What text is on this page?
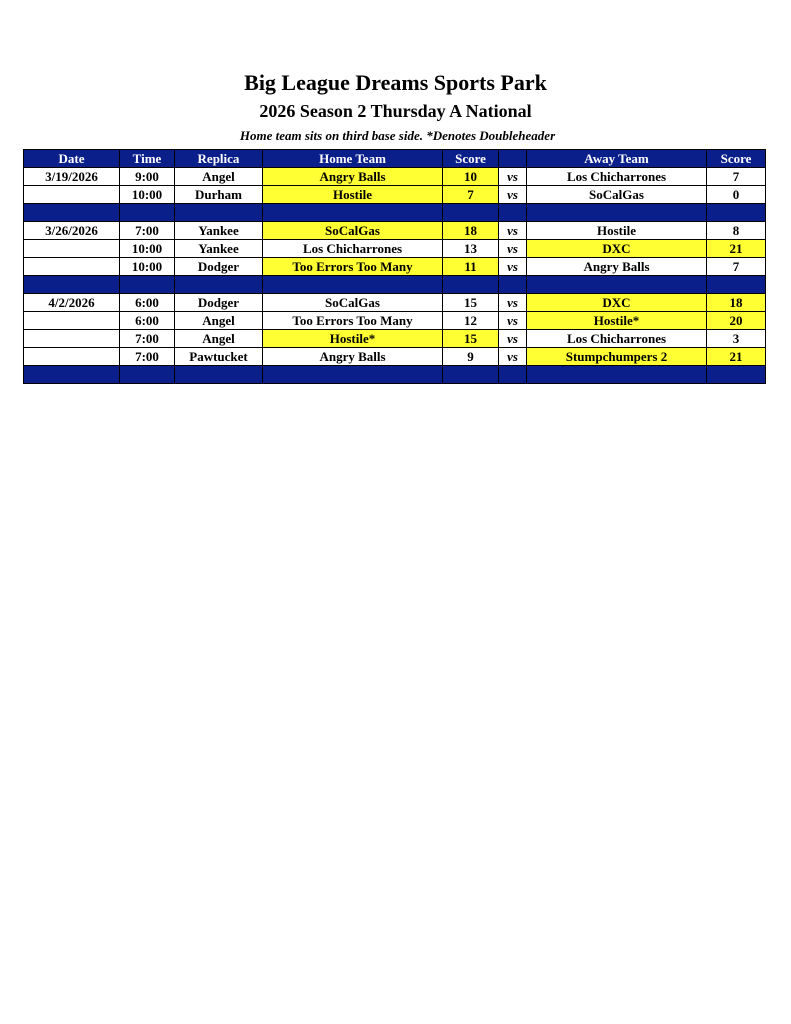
Big League Dreams Sports Park
2026 Season 2 Thursday A National
Home team sits on third base side. *Denotes Doubleheader
Date	Time	Replica	Home Team	Score		Away Team	Score
3/19/2026	9:00	Angel	Angry Balls	10	vs	Los Chicharrones	7
	10:00	Durham	Hostile	7	vs	SoCalGas	0

3/26/2026	7:00	Yankee	SoCalGas	18	vs	Hostile	8
	10:00	Yankee	Los Chicharrones	13	vs	DXC	21
	10:00	Dodger	Too Errors Too Many	11	vs	Angry Balls	7

4/2/2026	6:00	Dodger	SoCalGas	15	vs	DXC	18
	6:00	Angel	Too Errors Too Many	12	vs	Hostile*	20
	7:00	Angel	Hostile*	15	vs	Los Chicharrones	3
	7:00	Pawtucket	Angry Balls	9	vs	Stumpchumpers 2	21
